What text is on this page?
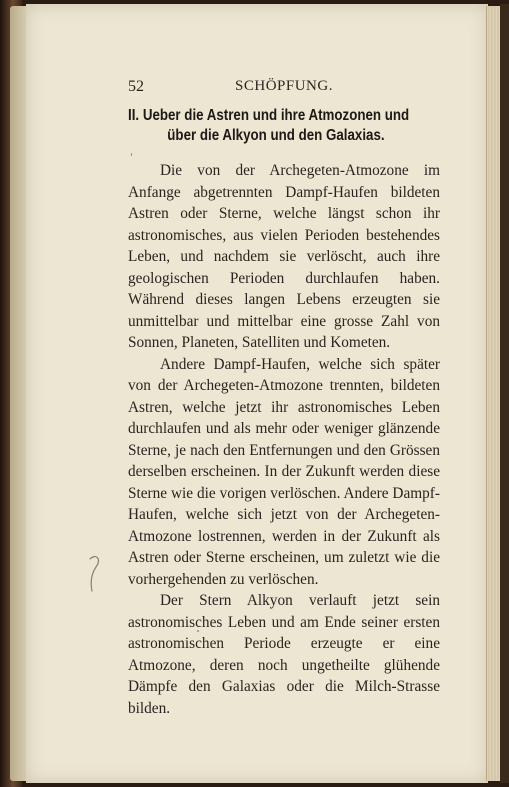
52	SCHÖPFUNG.
II. Ueber die Astren und ihre Atmozonen und
über die Alkyon und den Galaxias.

Die von der Archegeten-Atmozone im Anfange abgetrennten Dampf-Haufen bildeten Astren oder Sterne, welche längst schon ihr astronomisches, aus vielen Perioden bestehendes Leben, und nachdem sie verlöscht, auch ihre geologischen Perioden durchlaufen haben. Während dieses langen Lebens erzeugten sie unmittelbar und mittelbar eine grosse Zahl von Sonnen, Planeten, Satelliten und Kometen.

Andere Dampf-Haufen, welche sich später von der Archegeten-Atmozone trennten, bildeten Astren, welche jetzt ihr astronomisches Leben durchlaufen und als mehr oder weniger glänzende Sterne, je nach den Entfernungen und den Grössen derselben erscheinen. In der Zukunft werden diese Sterne wie die vorigen verlöschen. Andere Dampf-Haufen, welche sich jetzt von der Archegeten-Atmozone lostrennen, werden in der Zukunft als Astren oder Sterne erscheinen, um zuletzt wie die vorhergehenden zu verlöschen.

Der Stern Alkyon verlauft jetzt sein astronomisches Leben und am Ende seiner ersten astronomischen Periode erzeugte er eine Atmozone, deren noch ungetheilte glühende Dämpfe den Galaxias oder die Milch-Strasse bilden.
